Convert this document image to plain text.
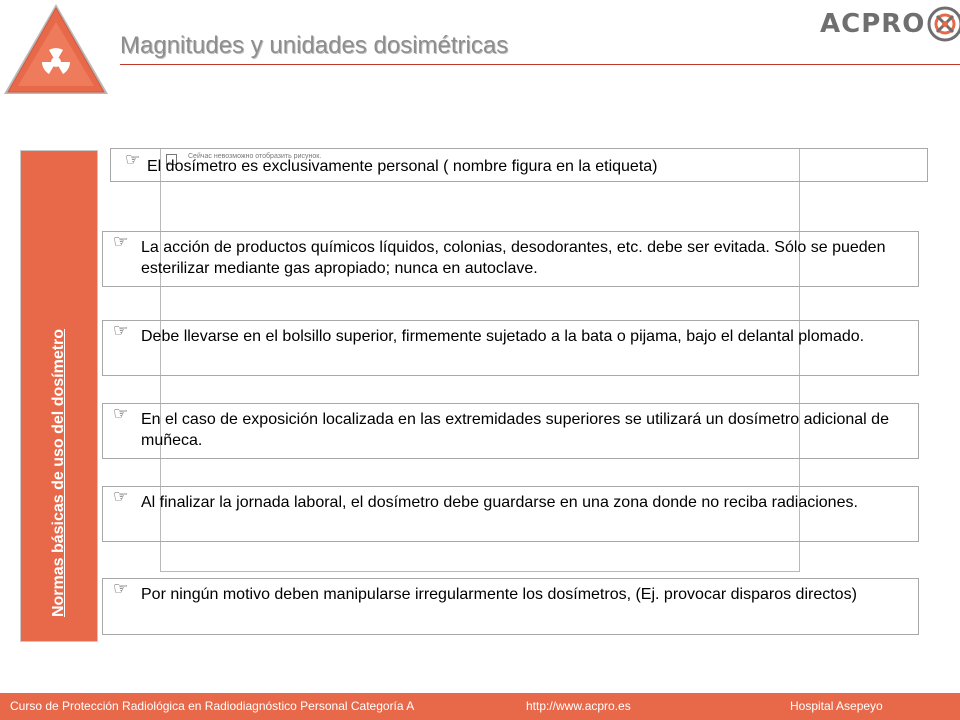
Magnitudes y unidades dosimétricas
ACPRO
Normas básicas de uso del dosímetro
Сейчас невозможно отобразить рисунок.
☞ El dosímetro es exclusivamente personal ( nombre figura en la etiqueta)
☞ La acción de productos químicos líquidos, colonias, desodorantes, etc. debe ser evitada. Sólo se pueden esterilizar mediante gas apropiado; nunca en autoclave.
☞ Debe llevarse en el bolsillo superior, firmemente sujetado a la bata o pijama, bajo el delantal plomado.
☞ En el caso de exposición localizada en las extremidades superiores se utilizará un dosímetro adicional de muñeca.
☞ Al finalizar la jornada laboral, el dosímetro debe guardarse en una zona donde no reciba radiaciones.
☞ Por ningún motivo deben manipularse irregularmente los dosímetros, (Ej. provocar disparos directos)
Curso de Protección Radiológica en Radiodiagnóstico Personal Categoría A	http://www.acpro.es	Hospital Asepeyo
